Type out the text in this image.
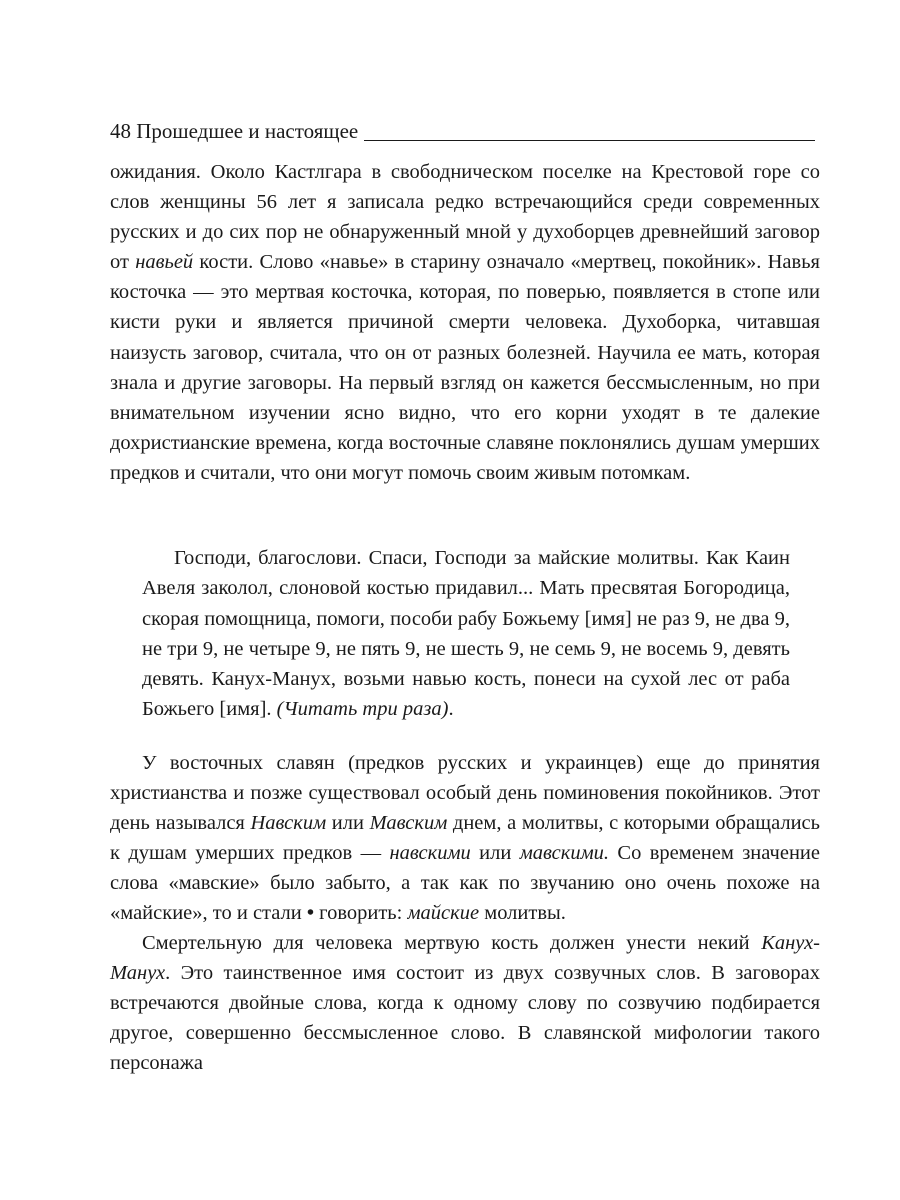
48
Прошедшее и настоящее

ожидания. Около Кастлгара в свободническом поселке на Крестовой горе со слов женщины 56 лет я записала редко встречающийся среди современных русских и до сих пор не обнаруженный мной у духоборцев древнейший заговор от навьей кости. Слово «навье» в старину означало «мертвец, покойник». Навья косточка — это мертвая косточка, которая, по поверью, появляется в стопе или кисти руки и является причиной смерти человека. Духоборка, читавшая наизусть заговор, считала, что он от разных болезней. Научила ее мать, которая знала и другие заговоры. На первый взгляд он кажется бессмысленным, но при внимательном изучении ясно видно, что его корни уходят в те далекие дохристианские времена, когда восточные славяне поклонялись душам умерших предков и считали, что они могут помочь своим живым потомкам.

Господи, благослови. Спаси, Господи за майские молитвы. Как Каин Авеля заколол, слоновой костью придавил... Мать пресвятая Богородица, скорая помощница, помоги, пособи рабу Божьему [имя] не раз 9, не два 9, не три 9, не четыре 9, не пять 9, не шесть 9, не семь 9, не восемь 9, девять девять. Канух-Манух, возьми навью кость, понеси на сухой лес от раба Божьего [имя]. (Читать три раза).

У восточных славян (предков русских и украинцев) еще до принятия христианства и позже существовал особый день поминовения покойников. Этот день назывался Навским или Мавским днем, а молитвы, с которыми обращались к душам умерших предков — навскими или мавскими. Со временем значение слова «мавские» было забыто, а так как по звучанию оно очень похоже на «майские», то и стали • говорить: майские молитвы.

Смертельную для человека мертвую кость должен унести некий Канух-Манух. Это таинственное имя состоит из двух созвучных слов. В заговорах встречаются двойные слова, когда к одному слову по созвучию подбирается другое, совершенно бессмысленное слово. В славянской мифологии такого персонажа
